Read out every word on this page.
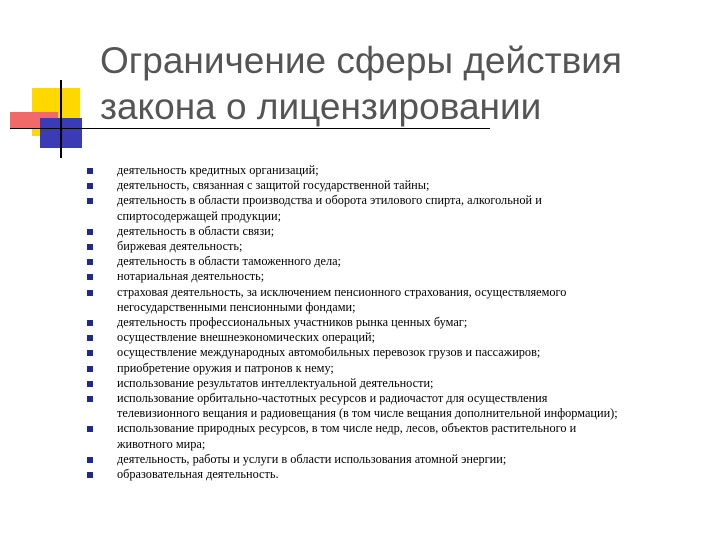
Ограничение сферы действия
закона о лицензировании
деятельность кредитных организаций;
деятельность, связанная с защитой государственной тайны;
деятельность в области производства и оборота этилового спирта, алкогольной и
спиртосодержащей продукции;
деятельность в области связи;
биржевая деятельность;
деятельность в области таможенного дела;
нотариальная деятельность;
страховая деятельность, за исключением пенсионного страхования, осуществляемого
негосударственными пенсионными фондами;
деятельность профессиональных участников рынка ценных бумаг;
осуществление внешнеэкономических операций;
осуществление международных автомобильных перевозок грузов и пассажиров;
приобретение оружия и патронов к нему;
использование результатов интеллектуальной деятельности;
использование орбитально-частотных ресурсов и радиочастот для осуществления
телевизионного вещания и радиовещания (в том числе вещания дополнительной информации);
использование природных ресурсов, в том числе недр, лесов, объектов растительного и
животного мира;
деятельность, работы и услуги в области использования атомной энергии;
образовательная деятельность.
